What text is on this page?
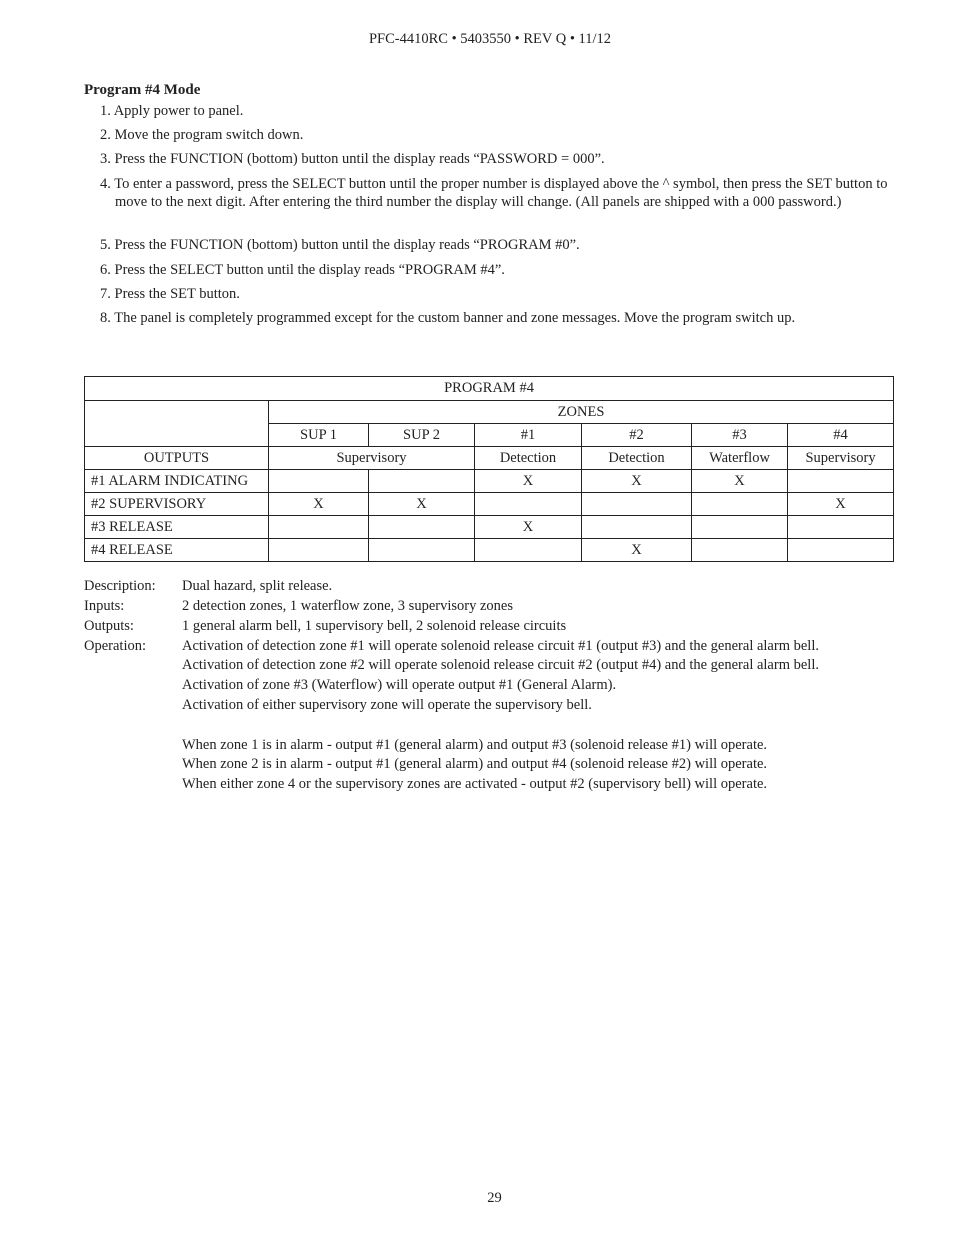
PFC-4410RC • 5403550 • REV Q • 11/12
Program #4 Mode
1. Apply power to panel.
2. Move the program switch down.
3. Press the FUNCTION (bottom) button until the display reads “PASSWORD = 000”.
4. To enter a password, press the SELECT button until the proper number is displayed above the ^ symbol, then press the SET button to move to the next digit. After entering the third number the display will change. (All panels are shipped with a 000 password.)
5. Press the FUNCTION (bottom) button until the display reads “PROGRAM #0”.
6. Press the SELECT button until the display reads “PROGRAM #4”.
7. Press the SET button.
8. The panel is completely programmed except for the custom banner and zone messages. Move the program switch up.
PROGRAM #4						
	ZONES					
	SUP 1	SUP 2	#1	#2	#3	#4
OUTPUTS	Supervisory		Detection	Detection	Waterflow	Supervisory
#1 ALARM INDICATING			X	X	X	
#2 SUPERVISORY	X	X				X
#3 RELEASE			X			
#4 RELEASE				X		
Description: Dual hazard, split release.
Inputs:	2 detection zones, 1 waterflow zone, 3 supervisory zones
Outputs:	1 general alarm bell, 1 supervisory bell, 2 solenoid release circuits
Operation: Activation of detection zone #1 will operate solenoid release circuit #1 (output #3) and the general alarm bell.
Activation of detection zone #2 will operate solenoid release circuit #2 (output #4) and the general alarm bell.
Activation of zone #3 (Waterflow) will operate output #1 (General Alarm).
Activation of either supervisory zone will operate the supervisory bell.
When zone 1 is in alarm - output #1 (general alarm) and output #3 (solenoid release #1) will operate.
When zone 2 is in alarm - output #1 (general alarm) and output #4 (solenoid release #2) will operate.
When either zone 4 or the supervisory zones are activated - output #2 (supervisory bell) will operate.
29
